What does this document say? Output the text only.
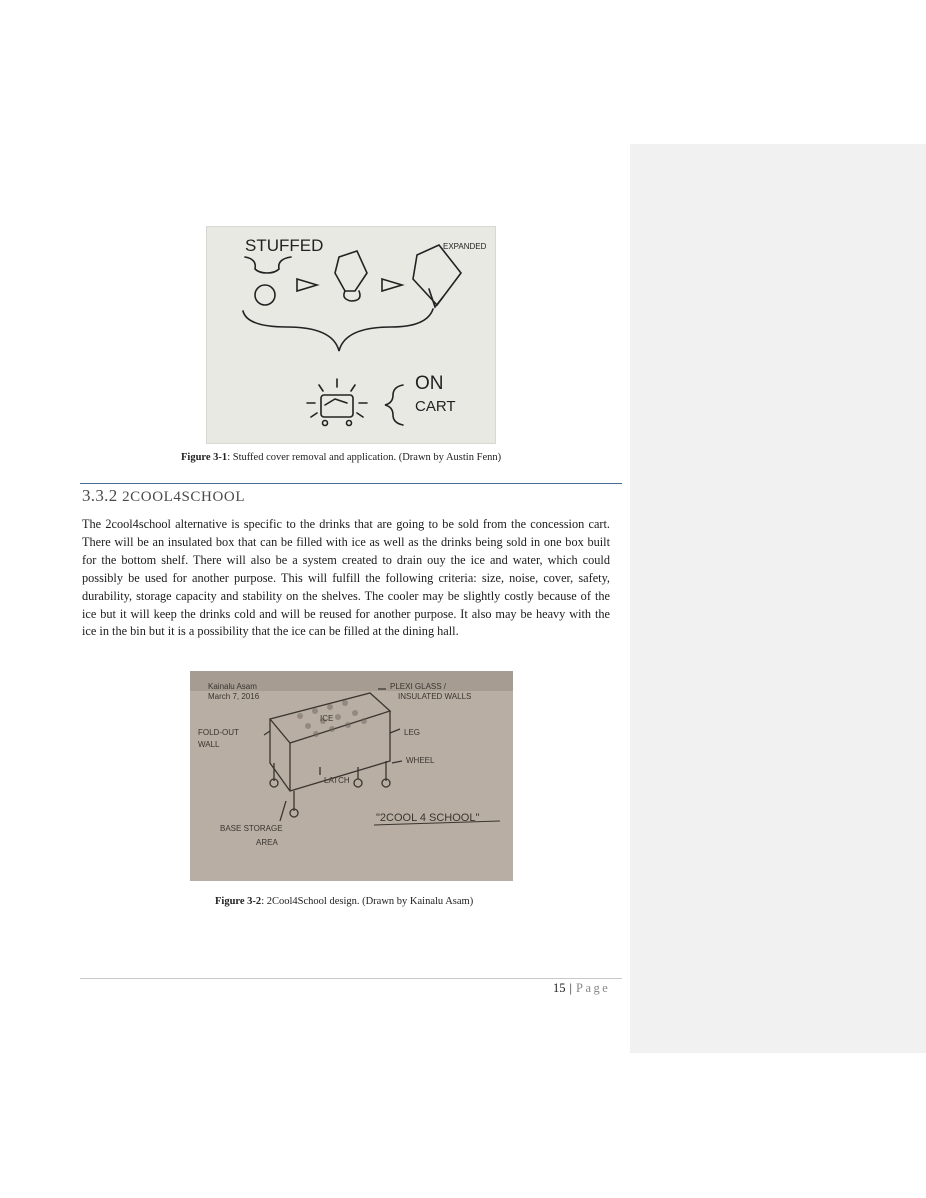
STUFFED	EXPANDED
ON
CART
Figure 3-1: Stuffed cover removal and application. (Drawn by Austin Fenn)
3.3.2 2COOL4SCHOOL
The 2cool4school alternative is specific to the drinks that are going to be sold from the concession cart. There will be an insulated box that can be filled with ice as well as the drinks being sold in one box built for the bottom shelf. There will also be a system created to drain ouy the ice and water, which could possibly be used for another purpose. This will fulfill the following criteria: size, noise, cover, safety, durability, storage capacity and stability on the shelves. The cooler may be slightly costly because of the ice but it will keep the drinks cold and will be reused for another purpose. It also may be heavy with the ice in the bin but it is a possibility that the ice can be filled at the dining hall.
Kainalu Asam
March 7, 2016
PLEXI GLASS /
INSULATED WALLS
ICE
FOLD-OUT
WALL
LEG
WHEEL
LATCH
BASE STORAGE
AREA
"2COOL 4 SCHOOL"
Figure 3-2: 2Cool4School design. (Drawn by Kainalu Asam)
15 | Page
